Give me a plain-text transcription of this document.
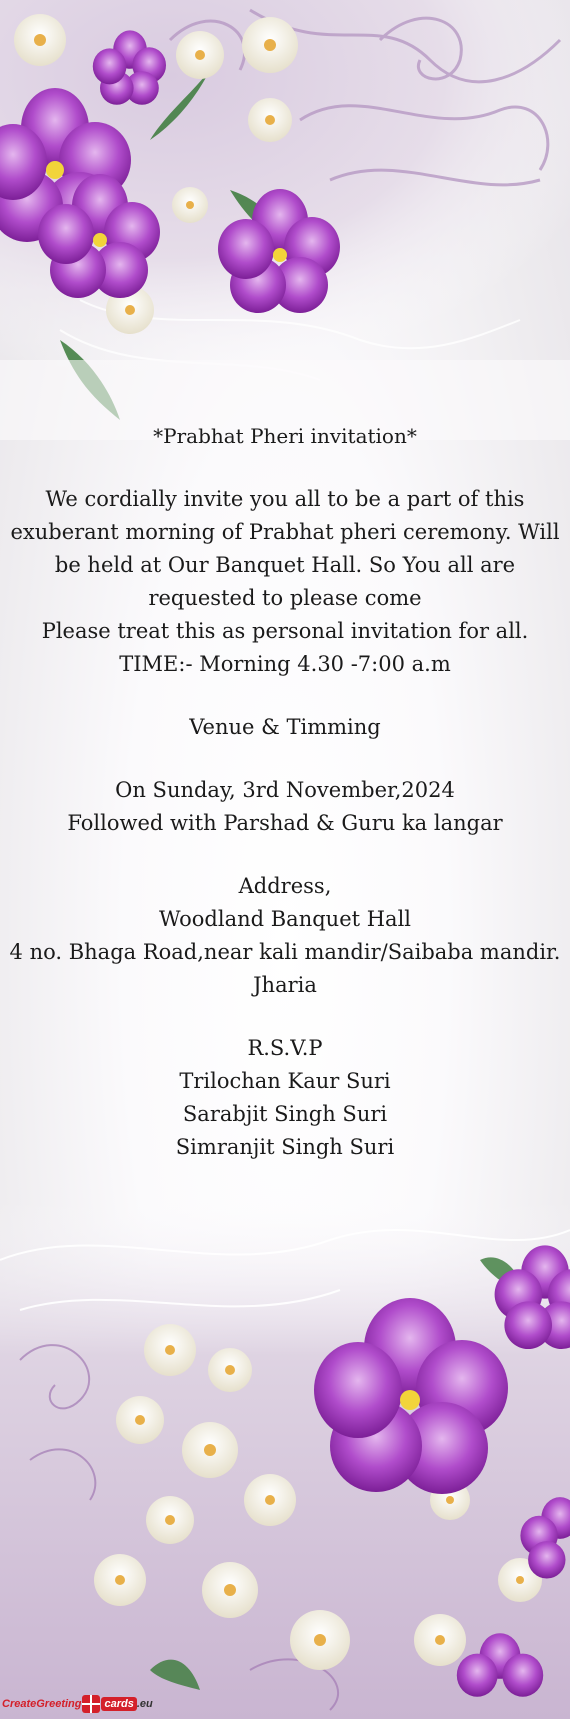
*Prabhat Pheri invitation*
We cordially invite you all to be a part of this
exuberant morning of Prabhat pheri ceremony. Will
be held at Our Banquet Hall. So You all are
requested to please come
Please treat this as personal invitation for all.
TIME:- Morning 4.30 -7:00 a.m
Venue & Timming
On Sunday, 3rd November,2024
Followed with Parshad & Guru ka langar
Address,
Woodland Banquet Hall
4 no. Bhaga Road,near kali mandir/Saibaba mandir.
Jharia
R.S.V.P
Trilochan Kaur Suri
Sarabjit Singh Suri
Simranjit Singh Suri
CreateGreeting cards .eu
